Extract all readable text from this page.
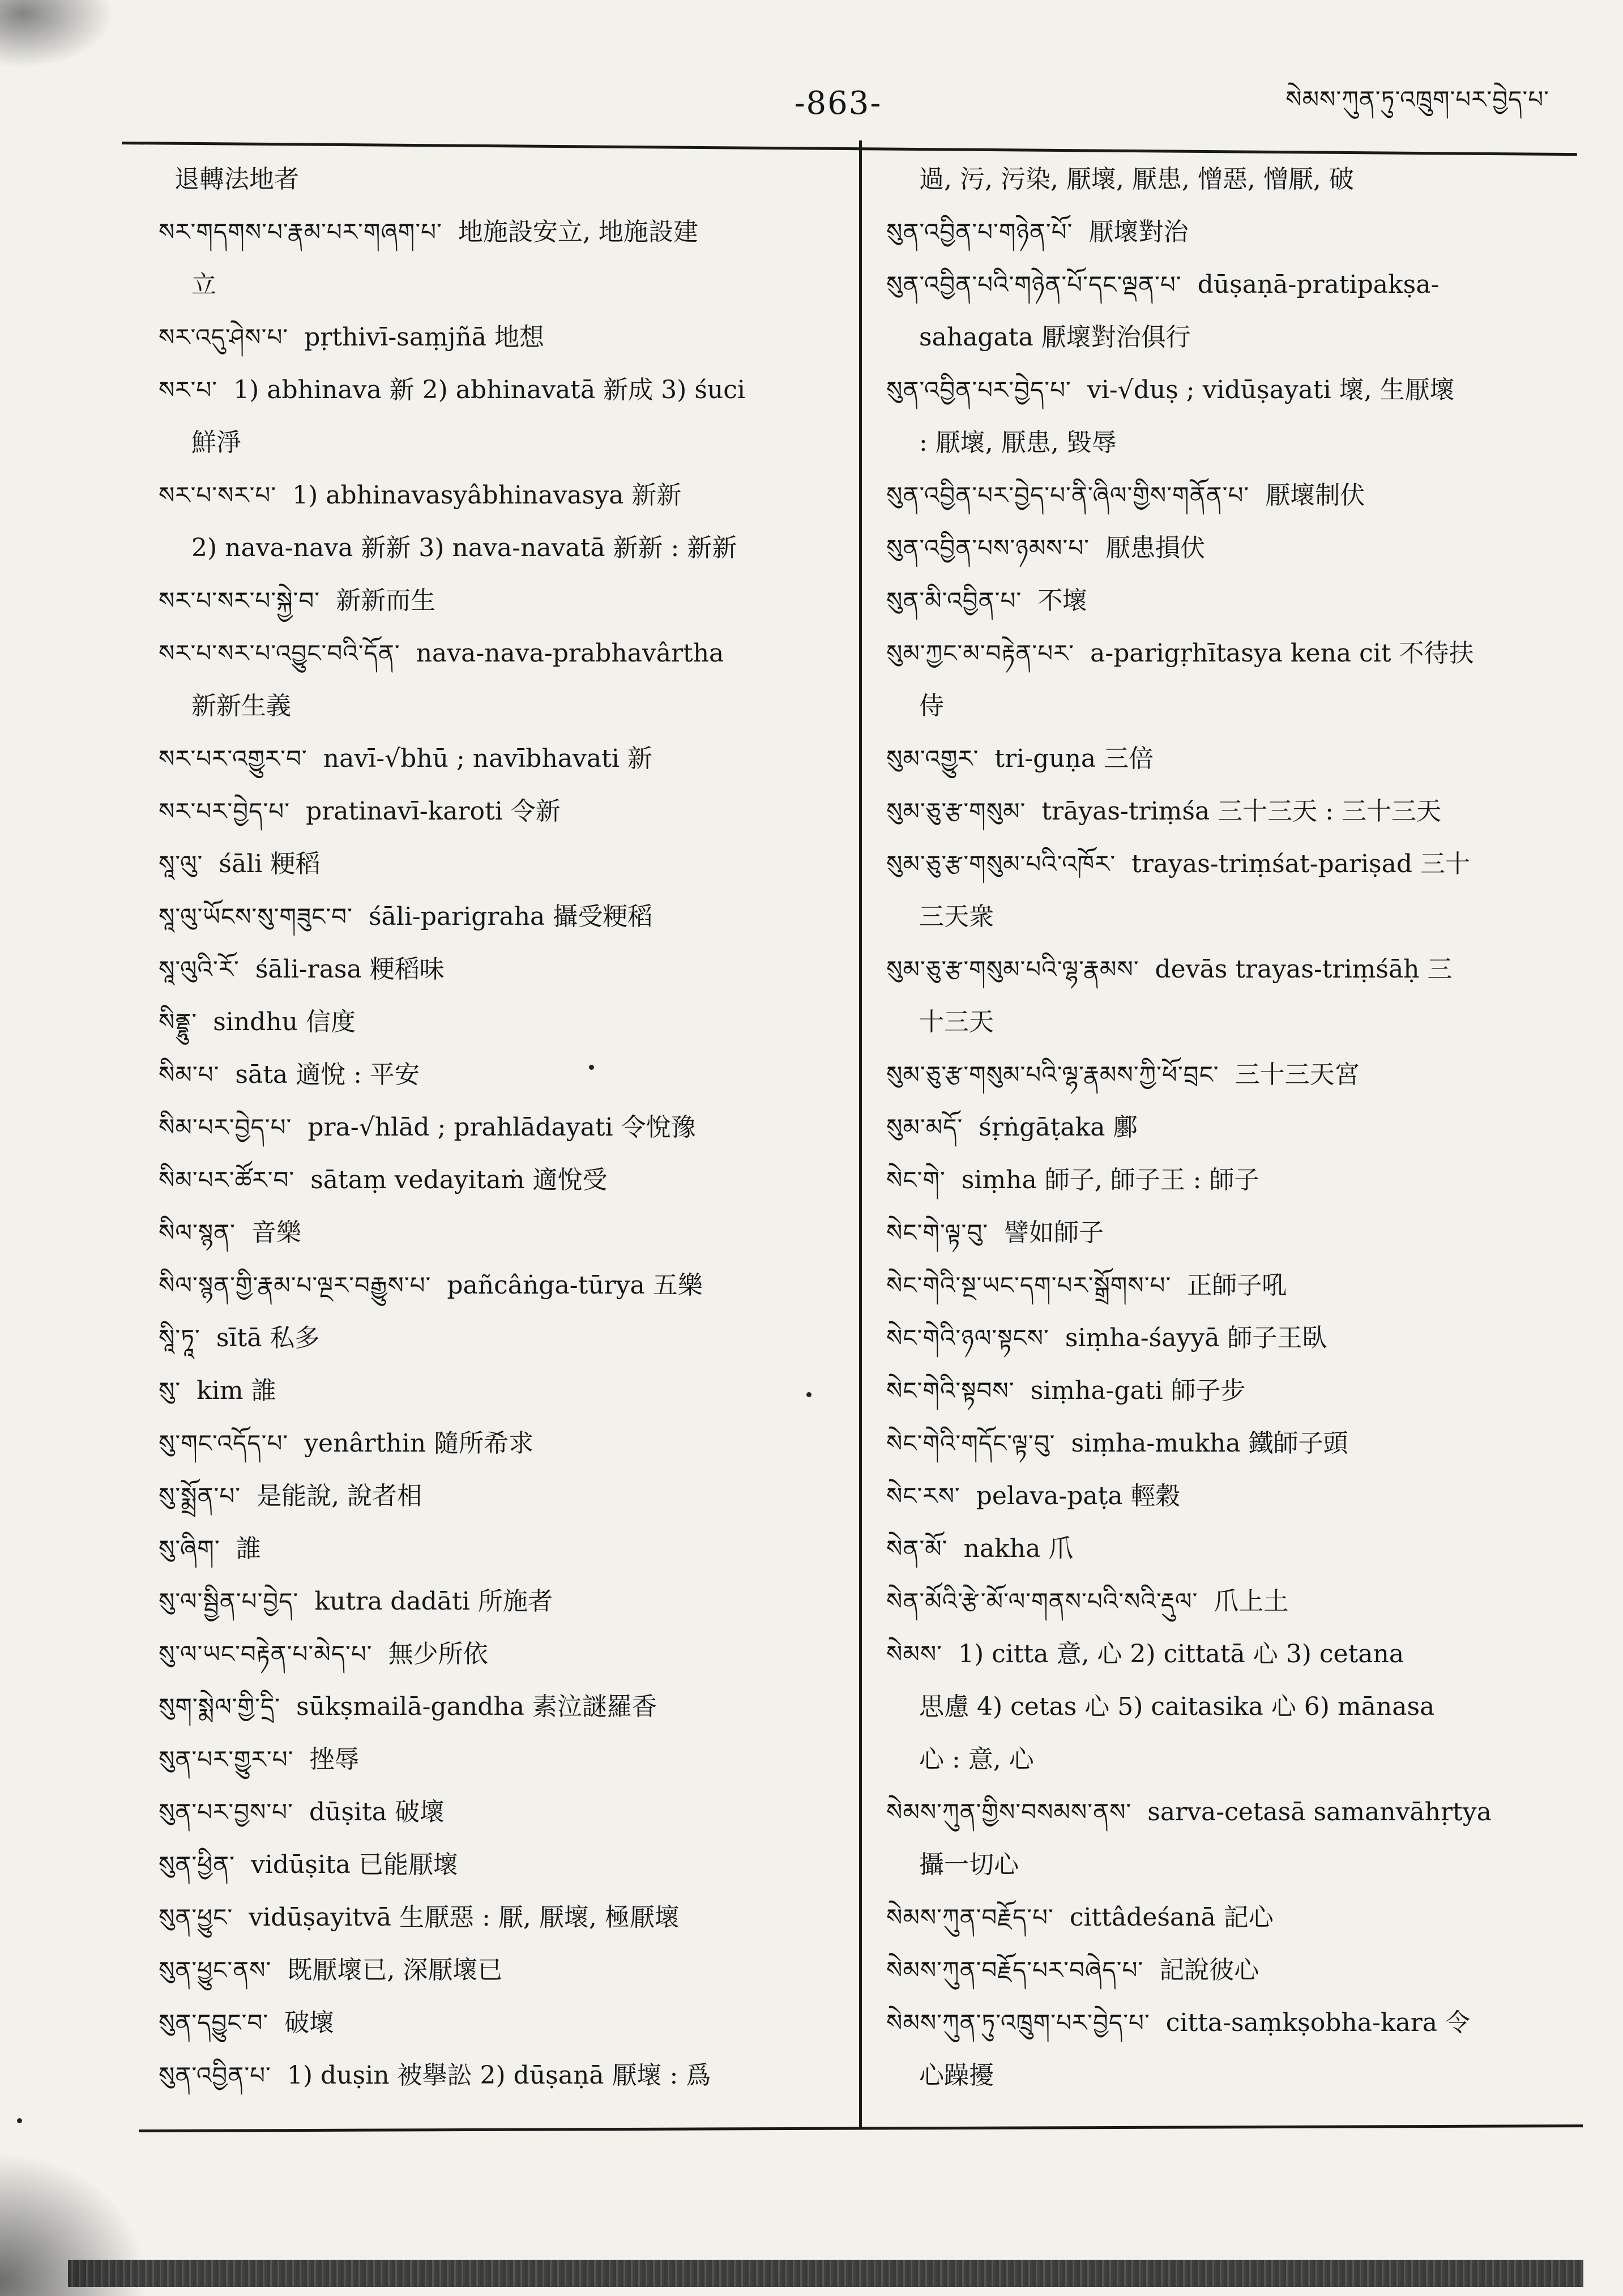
-863-	སེམས་ཀུན་ཏུ་འཁྲུག་པར་བྱེད་པ་
退轉法地者
སར་གདགས་པ་རྣམ་པར་གཞག་པ་ 地施設安立, 地施設建
立
སར་འདུ་ཤེས་པ་ pṛthivī-saṃjñā 地想
སར་པ་ 1) abhinava 新 2) abhinavatā 新成 3) śuci
鮮淨
སར་པ་སར་པ་ 1) abhinavasyâbhinavasya 新新
2) nava-nava 新新 3) nava-navatā 新新 : 新新
སར་པ་སར་པ་སྐྱེ་བ་ 新新而生
སར་པ་སར་པ་འབྱུང་བའི་དོན་ nava-nava-prabhavârtha
新新生義
སར་པར་འགྱུར་བ་ navī-√bhū ; navībhavati 新
སར་པར་བྱེད་པ་ pratinavī-karoti 令新
སཱ་ལུ་ śāli 粳稻
སཱ་ལུ་ཡོངས་སུ་གཟུང་བ་ śāli-parigraha 攝受粳稻
སཱ་ལུའི་རོ་ śāli-rasa 粳稻味
སིནྡྷུ་ sindhu 信度
སིམ་པ་ sāta 適悅 : 平安
སིམ་པར་བྱེད་པ་ pra-√hlād ; prahlādayati 令悅豫
སིམ་པར་ཚོར་བ་ sātaṃ vedayitaṁ 適悅受
སིལ་སྙན་ 音樂
སིལ་སྙན་གྱི་རྣམ་པ་ལྔར་བརྒྱུས་པ་ pañcâṅga-tūrya 五樂
སཱི་ཏཱ་ sītā 私多
སུ་ kim 誰
སུ་གང་འདོད་པ་ yenârthin 隨所希求
སུ་སྨྲོན་པ་ 是能說, 說者相
སུ་ཞིག་ 誰
སུ་ལ་སྦྱིན་པ་བྱེད་ kutra dadāti 所施者
སུ་ལ་ཡང་བརྟེན་པ་མེད་པ་ 無少所依
སུག་སྨེལ་གྱི་དྲི་ sūkṣmailā-gandha 素泣謎羅香
སུན་པར་གྱུར་པ་ 挫辱
སུན་པར་བྱས་པ་ dūṣita 破壞
སུན་ཕྱིན་ vidūṣita 已能厭壞
སུན་ཕྱུང་ vidūṣayitvā 生厭惡 : 厭, 厭壞, 極厭壞
སུན་ཕྱུང་ནས་ 既厭壞已, 深厭壞已
སུན་དབྱུང་བ་ 破壞
སུན་འབྱིན་པ་ 1) duṣin 被擧訟 2) dūṣaṇā 厭壞 : 爲
過, 污, 污染, 厭壞, 厭患, 憎惡, 憎厭, 破
སུན་འབྱིན་པ་གཉེན་པོ་ 厭壞對治
སུན་འབྱིན་པའི་གཉེན་པོ་དང་ལྡན་པ་ dūṣaṇā-pratipakṣa-
sahagata 厭壞對治俱行
སུན་འབྱིན་པར་བྱེད་པ་ vi-√duṣ ; vidūṣayati 壞, 生厭壞
: 厭壞, 厭患, 毀辱
སུན་འབྱིན་པར་བྱེད་པ་ནི་ཞིལ་གྱིས་གནོན་པ་ 厭壞制伏
སུན་འབྱིན་པས་ཉམས་པ་ 厭患損伏
སུན་མི་འབྱིན་པ་ 不壞
སུམ་ཀྱང་མ་བརྟེན་པར་ a-parigṛhītasya kena cit 不待扶
侍
སུམ་འགྱུར་ tri-guṇa 三倍
སུམ་ཅུ་རྩ་གསུམ་ trāyas-triṃśa 三十三天 : 三十三天
སུམ་ཅུ་རྩ་གསུམ་པའི་འཁོར་ trayas-triṃśat-pariṣad 三十
三天衆
སུམ་ཅུ་རྩ་གསུམ་པའི་ལྷ་རྣམས་ devās trayas-triṃśāḥ 三
十三天
སུམ་ཅུ་རྩ་གསུམ་པའི་ལྷ་རྣམས་ཀྱི་ཕོ་བྲང་ 三十三天宮
སུམ་མདོ་ śṛṅgāṭaka 鄽
སེང་གེ་ siṃha 師子, 師子王 : 師子
སེང་གེ་ལྟ་བུ་ 譬如師子
སེང་གེའི་སྔ་ཡང་དག་པར་སྒྲོགས་པ་ 正師子吼
སེང་གེའི་ཉལ་སྟངས་ siṃha-śayyā 師子王臥
སེང་གེའི་སྟབས་ siṃha-gati 師子步
སེང་གེའི་གདོང་ལྟ་བུ་ siṃha-mukha 鐵師子頭
སེང་རས་ pelava-paṭa 輕穀
སེན་མོ་ nakha 爪
སེན་མོའི་རྩེ་མོ་ལ་གནས་པའི་སའི་རྡུལ་ 爪上土
སེམས་ 1) citta 意, 心 2) cittatā 心 3) cetana
思慮 4) cetas 心 5) caitasika 心 6) mānasa
心 : 意, 心
སེམས་ཀུན་གྱིས་བསམས་ནས་ sarva-cetasā samanvāhṛtya
攝一切心
སེམས་ཀུན་བརྗོད་པ་ cittâdeśanā 記心
སེམས་ཀུན་བརྗོད་པར་བཞེད་པ་ 記說彼心
སེམས་ཀུན་ཏུ་འཁྲུག་པར་བྱེད་པ་ citta-saṃkṣobha-kara 令
心躁擾
